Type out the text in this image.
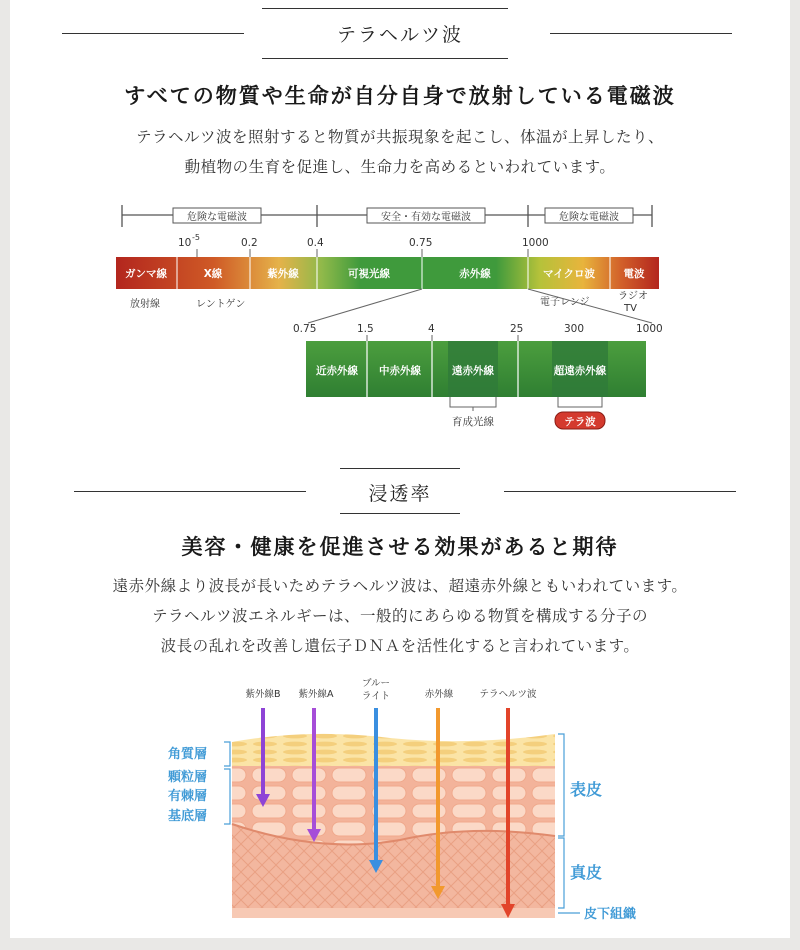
テラヘルツ波
すべての物質や生命が自分自身で放射している電磁波
テラヘルツ波を照射すると物質が共振現象を起こし、体温が上昇したり、
動植物の生育を促進し、生命力を高めるといわれています。
危険な電磁波	安全・有効な電磁波	危険な電磁波
10 -5	0.2	0.4	0.75	1000
ガンマ線	X線	紫外線	可視光線	赤外線	マイクロ波	電波
放射線	レントゲン	電子レンジ
ラジオ
TV
0.75	1.5	4	25	300	1000
近赤外線 中赤外線	遠赤外線	超遠赤外線
育成光線	テラ波
浸透率
美容・健康を促進させる効果があると期待
遠赤外線より波長が長いためテラヘルツ波は、超遠赤外線ともいわれています。
テラヘルツ波エネルギーは、一般的にあらゆる物質を構成する分子の
波長の乱れを改善し遺伝子ＤＮＡを活性化すると言われています。
紫外線B 紫外線A
ブルー
ライト	赤外線	テラヘルツ波
角質層
顆粒層
有棘層
基底層
表皮
真皮
皮下組織
